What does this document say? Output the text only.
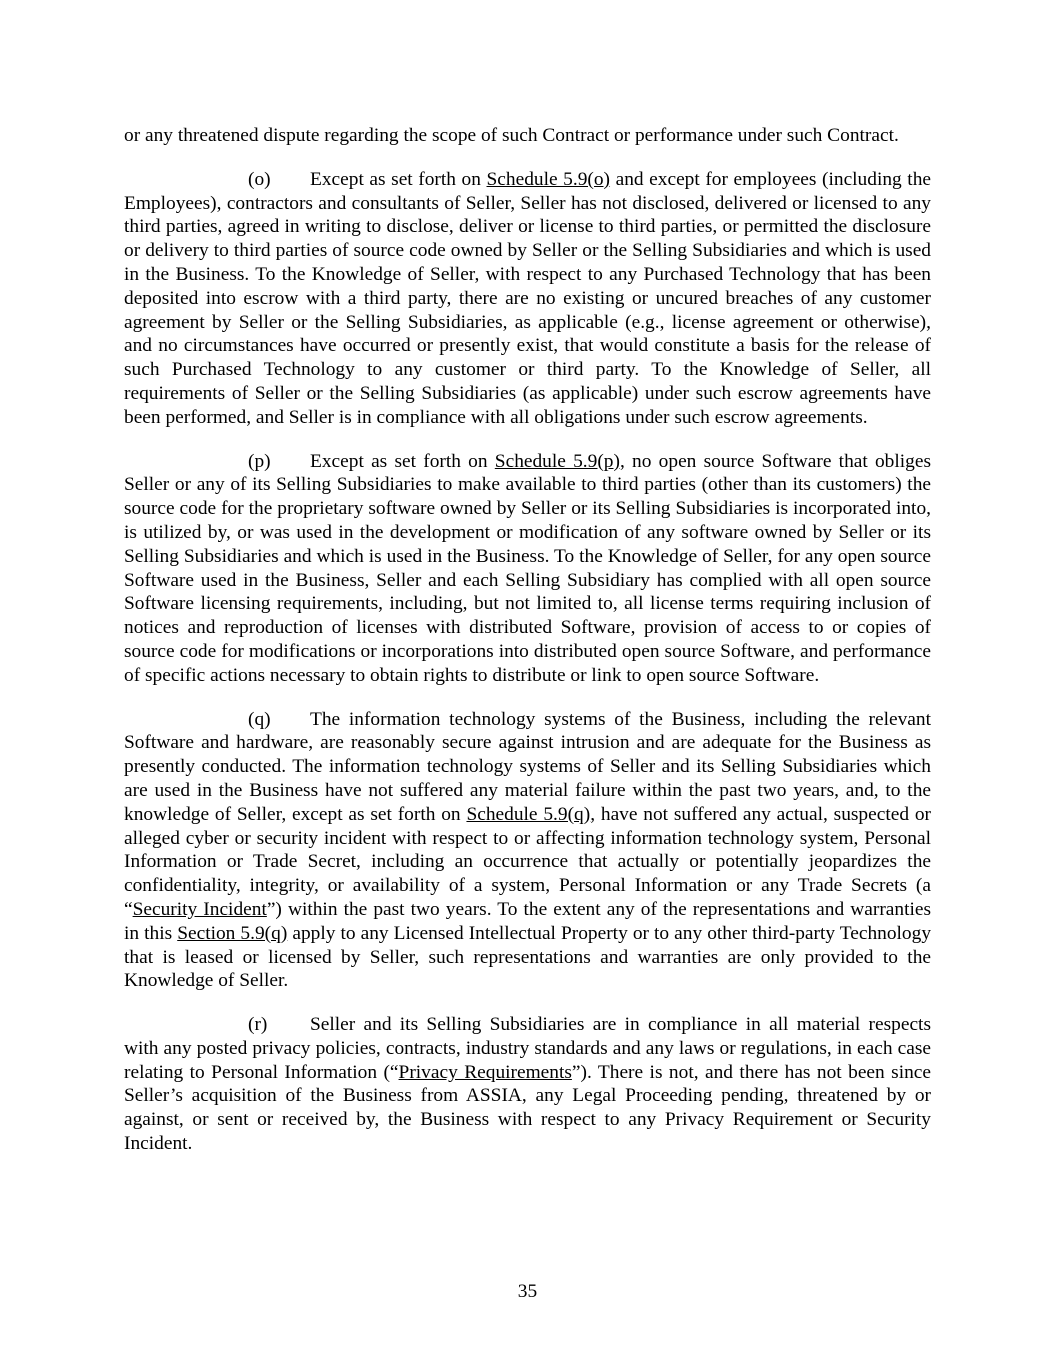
or any threatened dispute regarding the scope of such Contract or performance under such Contract.

(o) Except as set forth on Schedule 5.9(o) and except for employees (including the Employees), contractors and consultants of Seller, Seller has not disclosed, delivered or licensed to any third parties, agreed in writing to disclose, deliver or license to third parties, or permitted the disclosure or delivery to third parties of source code owned by Seller or the Selling Subsidiaries and which is used in the Business. To the Knowledge of Seller, with respect to any Purchased Technology that has been deposited into escrow with a third party, there are no existing or uncured breaches of any customer agreement by Seller or the Selling Subsidiaries, as applicable (e.g., license agreement or otherwise), and no circumstances have occurred or presently exist, that would constitute a basis for the release of such Purchased Technology to any customer or third party. To the Knowledge of Seller, all requirements of Seller or the Selling Subsidiaries (as applicable) under such escrow agreements have been performed, and Seller is in compliance with all obligations under such escrow agreements.

(p) Except as set forth on Schedule 5.9(p), no open source Software that obliges Seller or any of its Selling Subsidiaries to make available to third parties (other than its customers) the source code for the proprietary software owned by Seller or its Selling Subsidiaries is incorporated into, is utilized by, or was used in the development or modification of any software owned by Seller or its Selling Subsidiaries and which is used in the Business. To the Knowledge of Seller, for any open source Software used in the Business, Seller and each Selling Subsidiary has complied with all open source Software licensing requirements, including, but not limited to, all license terms requiring inclusion of notices and reproduction of licenses with distributed Software, provision of access to or copies of source code for modifications or incorporations into distributed open source Software, and performance of specific actions necessary to obtain rights to distribute or link to open source Software.

(q) The information technology systems of the Business, including the relevant Software and hardware, are reasonably secure against intrusion and are adequate for the Business as presently conducted. The information technology systems of Seller and its Selling Subsidiaries which are used in the Business have not suffered any material failure within the past two years, and, to the knowledge of Seller, except as set forth on Schedule 5.9(q), have not suffered any actual, suspected or alleged cyber or security incident with respect to or affecting information technology system, Personal Information or Trade Secret, including an occurrence that actually or potentially jeopardizes the confidentiality, integrity, or availability of a system, Personal Information or any Trade Secrets (a “Security Incident”) within the past two years. To the extent any of the representations and warranties in this Section 5.9(q) apply to any Licensed Intellectual Property or to any other third-party Technology that is leased or licensed by Seller, such representations and warranties are only provided to the Knowledge of Seller.

(r) Seller and its Selling Subsidiaries are in compliance in all material respects with any posted privacy policies, contracts, industry standards and any laws or regulations, in each case relating to Personal Information (“Privacy Requirements”). There is not, and there has not been since Seller’s acquisition of the Business from ASSIA, any Legal Proceeding pending, threatened by or against, or sent or received by, the Business with respect to any Privacy Requirement or Security Incident.

35
